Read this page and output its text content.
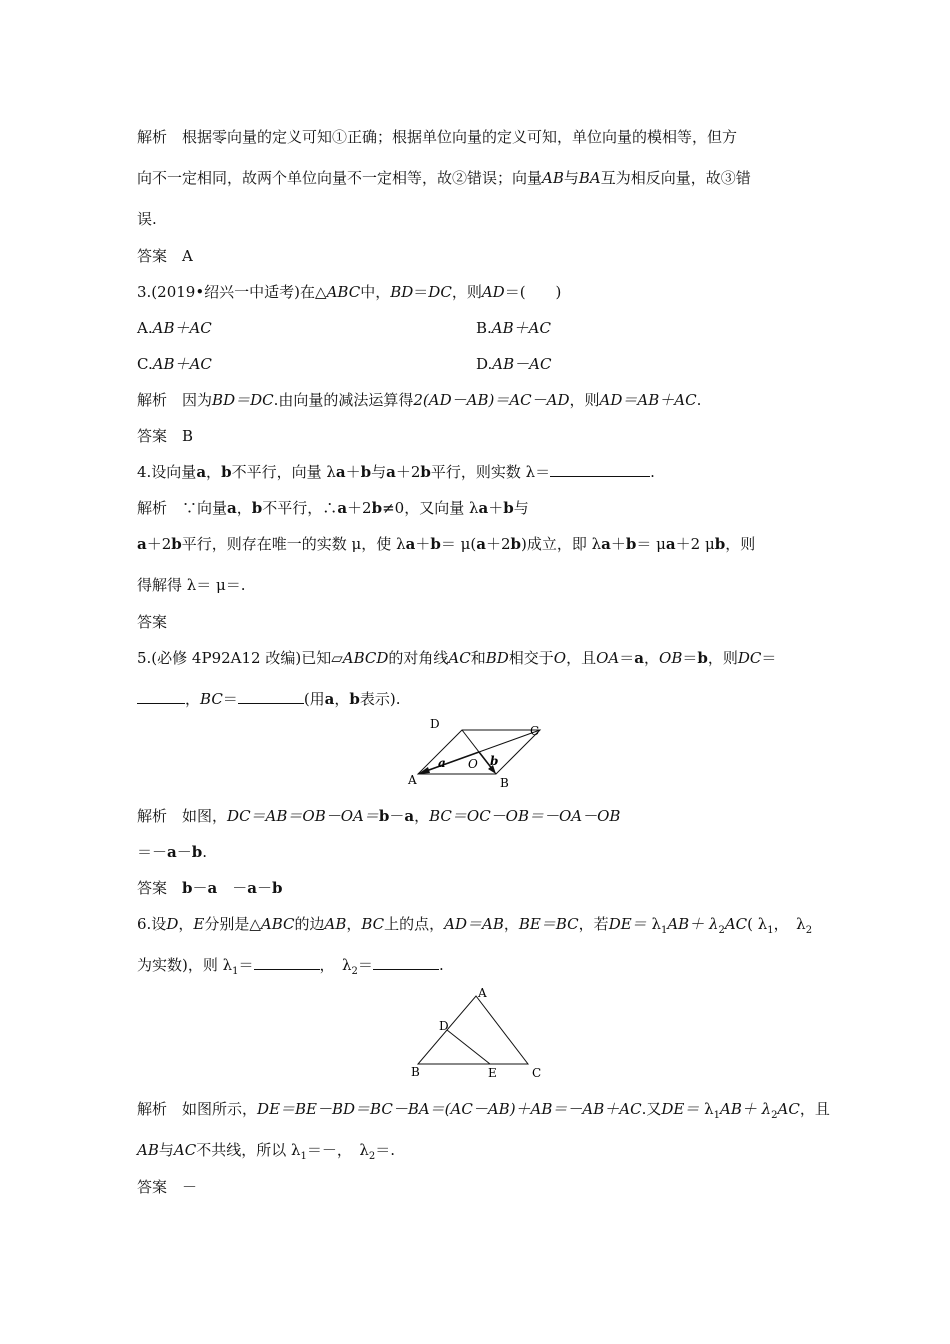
解析　 根据零向量的定义可知①正确；根据单位向量的定义可知，单位向量的模相等，但方
向不一定相同，故两个单位向量不一定相等，故②错误；向量AB与BA互为相反向量，故③错
误.
答案　 A
3.(2019•绍兴一中适考)在△ABC中，BD＝DC，则AD＝(　　)
A.AB＋AC	B.AB＋AC
C.AB＋AC	D.AB－AC
解析　 因为BD＝DC.由向量的减法运算得2(AD－AB)＝AC－AD，则AD＝AB＋AC.
答案　 B
4.设向量a，b不平行，向量 λa＋b与a＋2b平行，则实数 λ＝	.
解析　 ∵向量a，b不平行，∴a＋2b≠0，又向量 λa＋b与
a＋2b平行，则存在唯一的实数 μ，使 λa＋b＝ μ(a＋2b)成立，即 λa＋b＝ μa＋2 μb，则
得解得 λ＝ μ＝.
答案
5.(必修 4P92A12 改编)已知▱ABCD的对角线AC和BD相交于O，且OA＝a，OB＝b，则DC＝
，BC＝	(用a，b表示).
D	C
A	B
O
a	b
解析　 如图，DC＝AB＝OB－OA＝b－a，BC＝OC－OB＝－OA－OB
＝－a－b.
答案　 b－a　－a－b
6.设D，E分别是△ABC的边AB，BC上的点，AD＝AB，BE＝BC，若$DE= \lambda_1AB+ \lambda_2AC$( $\lambda_1$，　$\lambda_2$
为实数)，则 $\lambda_1=$	，　$\lambda_2=$	.
A
D
B	E	C
解析　 如图所示，DE＝BE－BD＝BC－BA＝(AC－AB)＋AB＝－AB＋AC.又$DE= \lambda_1AB+ \lambda_2AC$，且
AB与AC不共线，所以 $\lambda_1=-$，　$\lambda_2=$.
答案　 －
